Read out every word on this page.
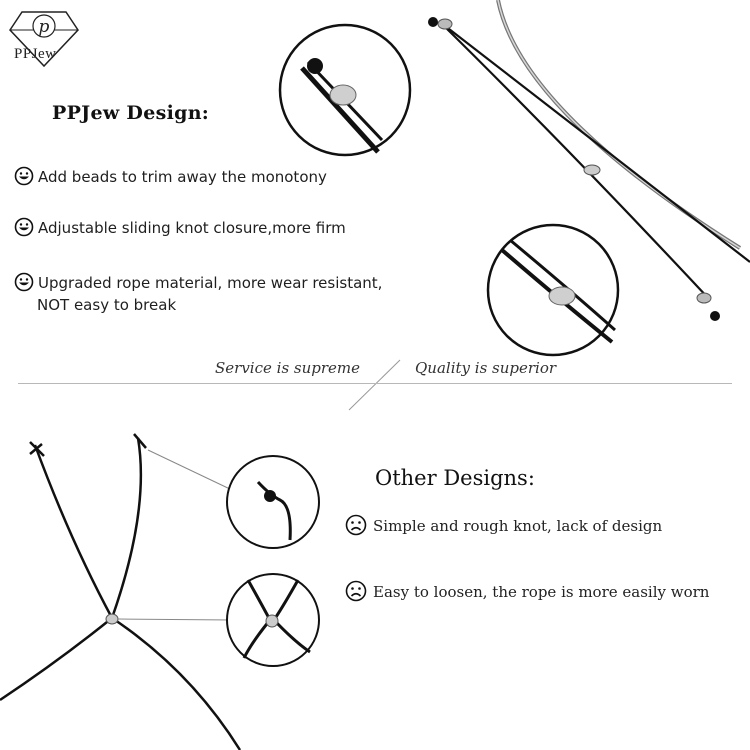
p
PPJew
PPJew Design:
Add beads to trim away the monotony
Adjustable sliding knot closure,more firm
Upgraded rope material, more wear resistant,
NOT easy to break
Service is supreme	Quality is superior
Other Designs:
Simple and rough knot, lack of design
Easy to loosen, the rope is more easily worn
